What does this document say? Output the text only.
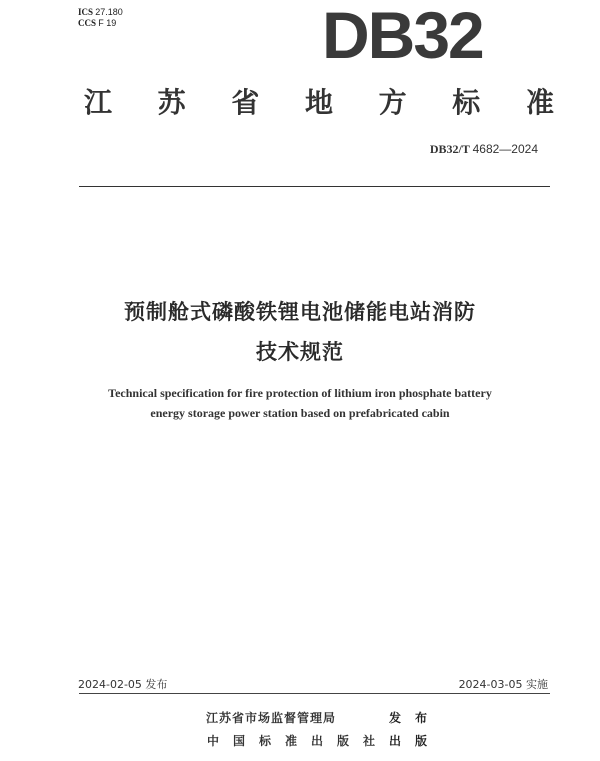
ICS 27.180
CCS F 19	DB32
江 苏 省 地 方 标 准
DB32/T 4682—2024
预制舱式磷酸铁锂电池储能电站消防
技术规范
Technical specification for fire protection of lithium iron phosphate battery
energy storage power station based on prefabricated cabin
2024-02-05 发布	2024-03-05 实施
江苏省市场监督管理局	发布
中国标准出版社 出版
